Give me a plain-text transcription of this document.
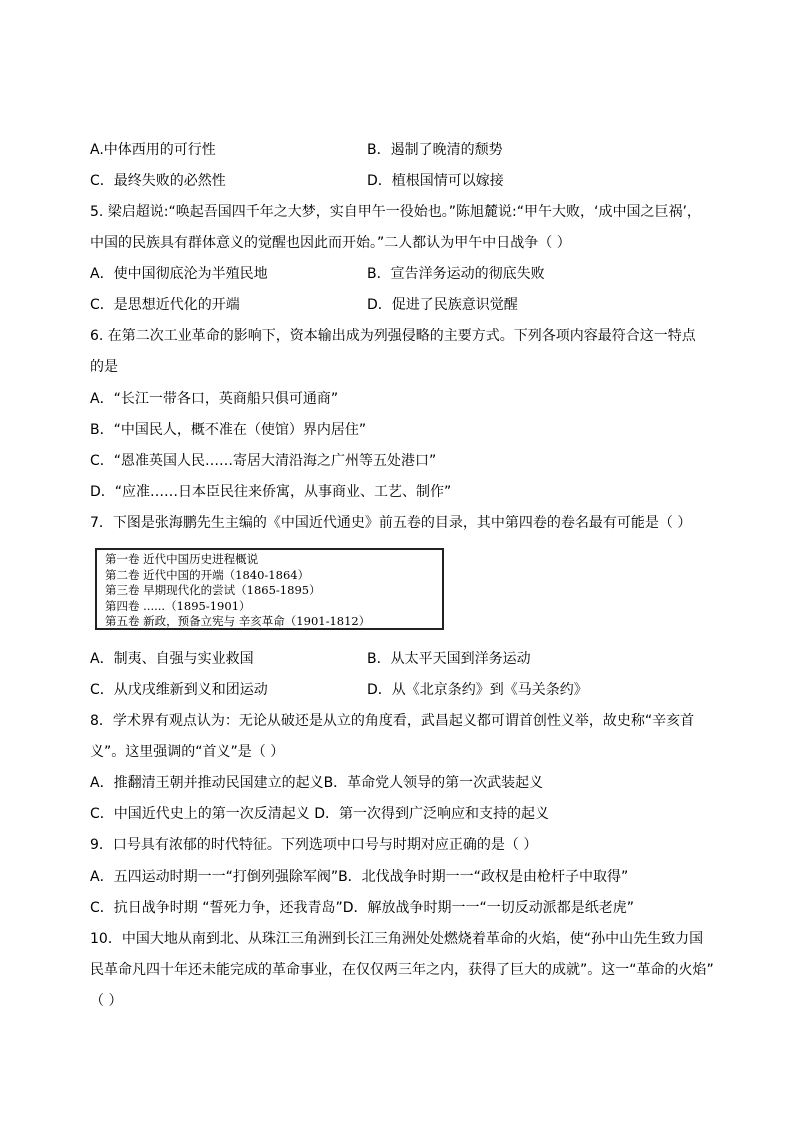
A.中体西用的可行性	B．遏制了晚清的颓势
C．最终失败的必然性	D．植根国情可以嫁接
5. 梁启超说:“唤起吾国四千年之大梦，实自甲午一役始也。”陈旭麓说:“甲午大败，‘成中国之巨祸’，
中国的民族具有群体意义的觉醒也因此而开始。”二人都认为甲午中日战争（ ）
A．使中国彻底沦为半殖民地	B．宣告洋务运动的彻底失败
C．是思想近代化的开端	D．促进了民族意识觉醒
6. 在第二次工业革命的影响下，资本输出成为列强侵略的主要方式。下列各项内容最符合这一特点
的是
A．“长江一带各口，英商船只俱可通商”
B．“中国民人，概不准在（使馆）界内居住”
C．“恩准英国人民……寄居大清沿海之广州等五处港口”
D．“应准……日本臣民往来侨寓，从事商业、工艺、制作”
7．下图是张海鹏先生主编的《中国近代通史》前五卷的目录，其中第四卷的卷名最有可能是（ ）
第一卷 近代中国历史进程概说
第二卷 近代中国的开端（1840-1864）
第三卷 早期现代化的尝试（1865-1895）
第四卷 ......（1895-1901）
第五卷 新政，预备立宪与 辛亥革命（1901-1812）
A．制夷、自强与实业救国	B．从太平天国到洋务运动
C．从戊戌维新到义和团运动	D．从《北京条约》到《马关条约》
8．学术界有观点认为：无论从破还是从立的角度看，武昌起义都可谓首创性义举，故史称“辛亥首
义”。这里强调的“首义”是（ ）
A．推翻清王朝并推动民国建立的起义B．革命党人领导的第一次武装起义
C．中国近代史上的第一次反清起义 D．第一次得到广泛响应和支持的起义
9．口号具有浓郁的时代特征。下列选项中口号与时期对应正确的是（ ）
A．五四运动时期一一“打倒列强除军阀”B．北伐战争时期一一“政权是由枪杆子中取得”
C．抗日战争时期 “誓死力争，还我青岛”D．解放战争时期一一“一切反动派都是纸老虎”
10．中国大地从南到北、从珠江三角洲到长江三角洲处处燃烧着革命的火焰，使“孙中山先生致力国
民革命凡四十年还未能完成的革命事业，在仅仅两三年之内，获得了巨大的成就”。这一“革命的火焰”
（ ）
